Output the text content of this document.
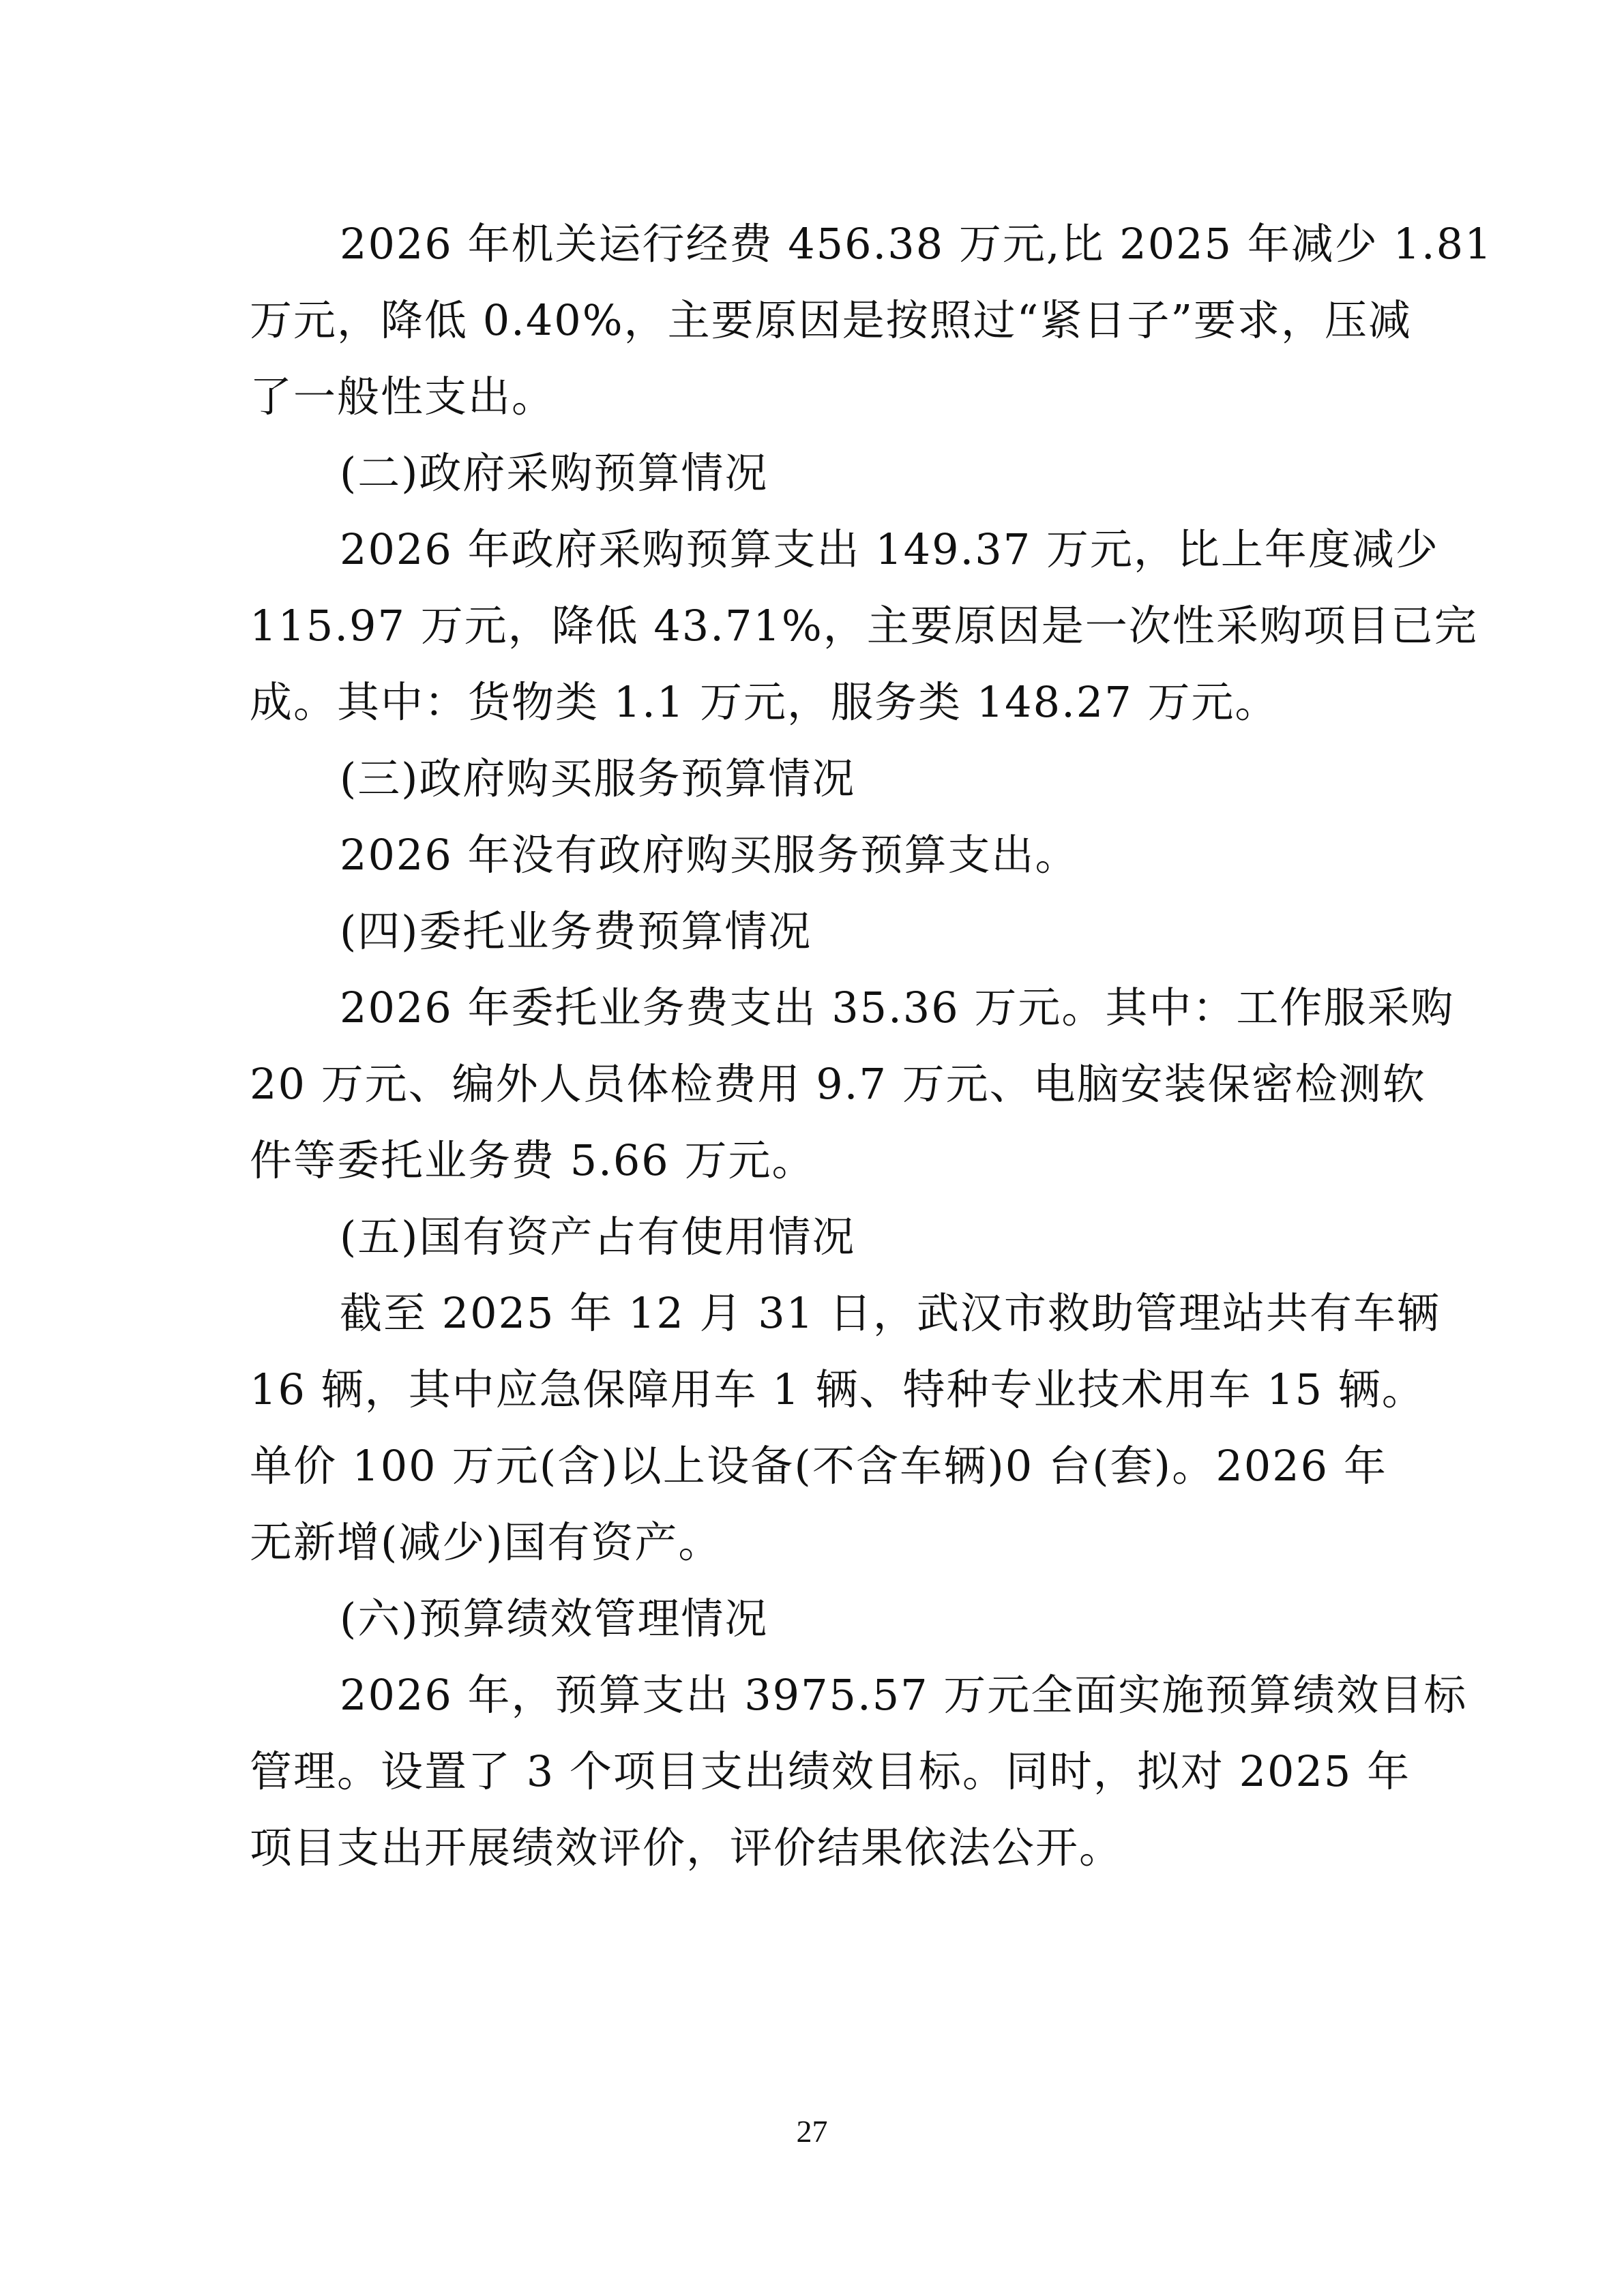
2026 年机关运行经费 456.38 万元,比 2025 年减少 1.81
万元，降低 0.40%，主要原因是按照过“紧日子”要求，压减
了一般性支出。
(二)政府采购预算情况
2026 年政府采购预算支出 149.37 万元，比上年度减少
115.97 万元，降低 43.71%，主要原因是一次性采购项目已完
成。其中：货物类 1.1 万元，服务类 148.27 万元。
(三)政府购买服务预算情况
2026 年没有政府购买服务预算支出。
(四)委托业务费预算情况
2026 年委托业务费支出 35.36 万元。其中：工作服采购
20 万元、编外人员体检费用 9.7 万元、电脑安装保密检测软
件等委托业务费 5.66 万元。
(五)国有资产占有使用情况
截至 2025 年 12 月 31 日，武汉市救助管理站共有车辆
16 辆，其中应急保障用车 1 辆、特种专业技术用车 15 辆。
单价 100 万元(含)以上设备(不含车辆)0 台(套)。2026 年
无新增(减少)国有资产。
(六)预算绩效管理情况
2026 年，预算支出 3975.57 万元全面实施预算绩效目标
管理。设置了 3 个项目支出绩效目标。同时，拟对 2025 年
项目支出开展绩效评价，评价结果依法公开。
27
